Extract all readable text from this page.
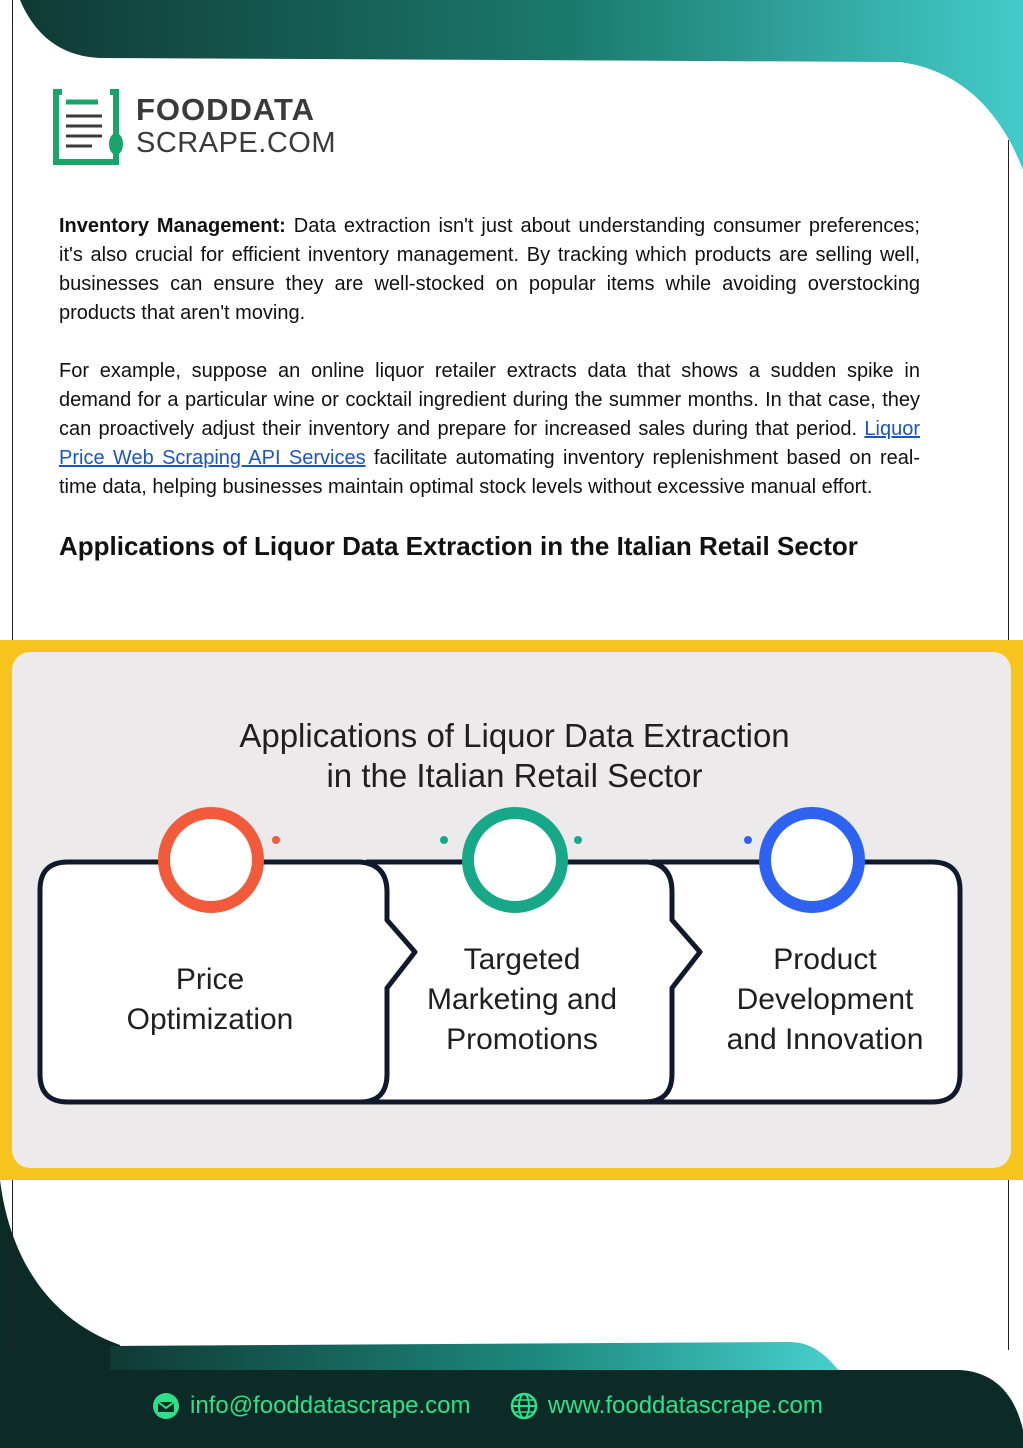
FOODDATA
SCRAPE.COM

Inventory Management: Data extraction isn't just about understanding consumer preferences; it's also crucial for efficient inventory management. By tracking which products are selling well, businesses can ensure they are well-stocked on popular items while avoiding overstocking products that aren't moving.

For example, suppose an online liquor retailer extracts data that shows a sudden spike in demand for a particular wine or cocktail ingredient during the summer months. In that case, they can proactively adjust their inventory and prepare for increased sales during that period. Liquor Price Web Scraping API Services facilitate automating inventory replenishment based on real-time data, helping businesses maintain optimal stock levels without excessive manual effort.

Applications of Liquor Data Extraction in the Italian Retail Sector
Applications of Liquor Data Extraction
in the Italian Retail Sector
Price
Optimization
Targeted
Marketing and
Promotions
Product
Development
and Innovation
info@fooddatascrape.com	www.fooddatascrape.com
